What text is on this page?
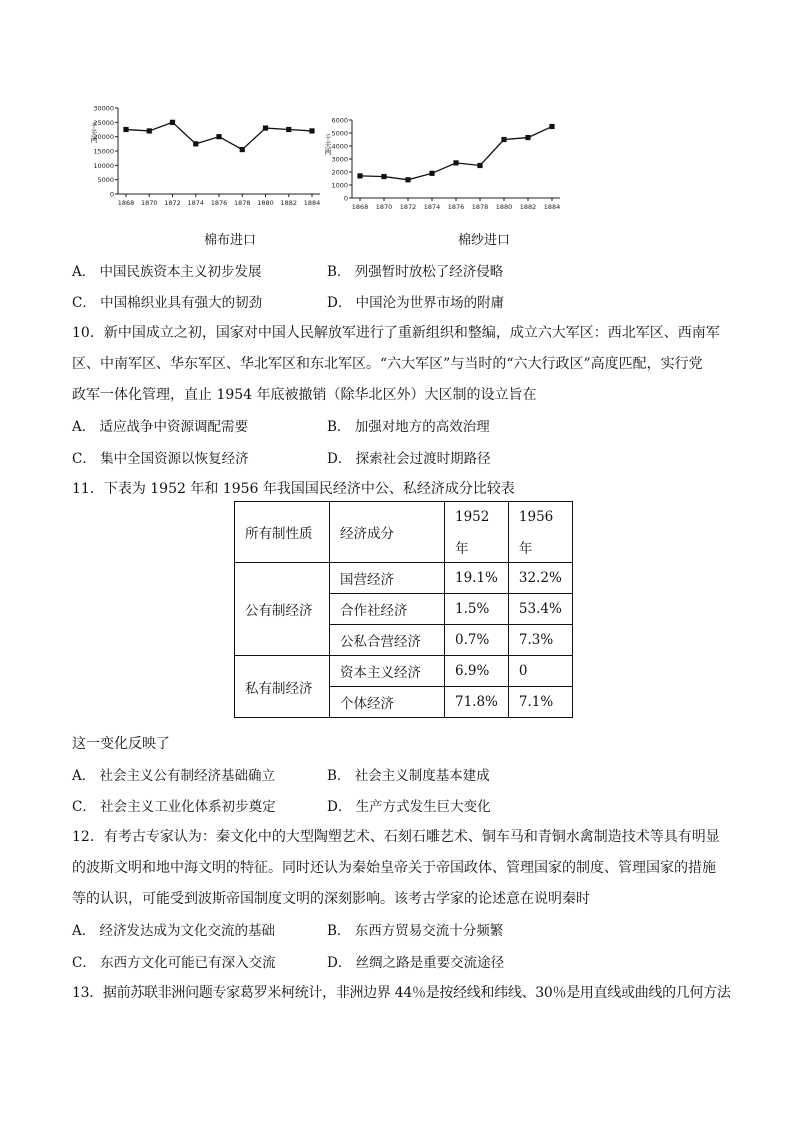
0
5000
10000
15000
20000
25000
30000
1868 1870 1872 1874 1876 1878 1880 1882 1884
千关两
0
1000
2000
3000
4000
5000
6000
1868 1870 1872 1874 1876 1878 1880 1882 1884
千关两
棉布进口	棉纱进口
A． 中国民族资本主义初步发展	B． 列强暂时放松了经济侵略
C． 中国棉织业具有强大的韧劲	D． 中国沦为世界市场的附庸
10．新中国成立之初，国家对中国人民解放军进行了重新组织和整编，成立六大军区：西北军区、西南军
区、中南军区、华东军区、华北军区和东北军区。“六大军区”与当时的“六大行政区”高度匹配，实行党
政军一体化管理，直止 1954 年底被撤销（除华北区外）大区制的设立旨在
A． 适应战争中资源调配需要	B． 加强对地方的高效治理
C． 集中全国资源以恢复经济	D． 探索社会过渡时期路径
11．下表为 1952 年和 1956 年我国国民经济中公、私经济成分比较表
所有制性质	经济成分	1952	1956
		年	年
公有制经济	国营经济	19.1%	32.2%
	合作社经济	1.5%	53.4%
	公私合营经济	0.7%	7.3%
私有制经济	资本主义经济	6.9%	0
	个体经济	71.8%	7.1%
这一变化反映了
A． 社会主义公有制经济基础确立	B． 社会主义制度基本建成
C． 社会主义工业化体系初步奠定	D． 生产方式发生巨大变化
12．有考古专家认为：秦文化中的大型陶塑艺术、石刻石雕艺术、铜车马和青铜水禽制造技术等具有明显
的波斯文明和地中海文明的特征。同时还认为秦始皇帝关于帝国政体、管理国家的制度、管理国家的措施
等的认识，可能受到波斯帝国制度文明的深刻影响。该考古学家的论述意在说明秦时
A． 经济发达成为文化交流的基础	B． 东西方贸易交流十分频繁
C． 东西方文化可能已有深入交流	D． 丝绸之路是重要交流途径
13．据前苏联非洲问题专家葛罗米柯统计，非洲边界 44％是按经线和纬线、30％是用直线或曲线的几何方法
